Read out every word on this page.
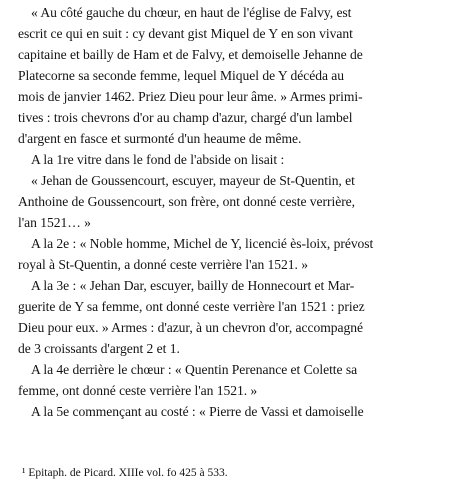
« Au côté gauche du chœur, en haut de l'église de Falvy, est
escrit ce qui en suit : cy devant gist Miquel de Y en son vivant
capitaine et bailly de Ham et de Falvy, et demoiselle Jehanne de
Platecorne sa seconde femme, lequel Miquel de Y décéda au
mois de janvier 1462. Priez Dieu pour leur âme. » Armes primi-
tives : trois chevrons d'or au champ d'azur, chargé d'un lambel
d'argent en fasce et surmonté d'un heaume de même.
A la 1re vitre dans le fond de l'abside on lisait :
« Jehan de Goussencourt, escuyer, mayeur de St-Quentin, et
Anthoine de Goussencourt, son frère, ont donné ceste verrière,
l'an 1521… »
A la 2e : « Noble homme, Michel de Y, licencié ès-loix, prévost
royal à St-Quentin, a donné ceste verrière l'an 1521. »
A la 3e : « Jehan Dar, escuyer, bailly de Honnecourt et Mar-
guerite de Y sa femme, ont donné ceste verrière l'an 1521 : priez
Dieu pour eux. » Armes : d'azur, à un chevron d'or, accompagné
de 3 croissants d'argent 2 et 1.
A la 4e derrière le chœur : « Quentin Perenance et Colette sa
femme, ont donné ceste verrière l'an 1521. »
A la 5e commençant au costé : « Pierre de Vassi et damoiselle
¹ Epitaph. de Picard. XIIIe vol. fo 425 à 533.
